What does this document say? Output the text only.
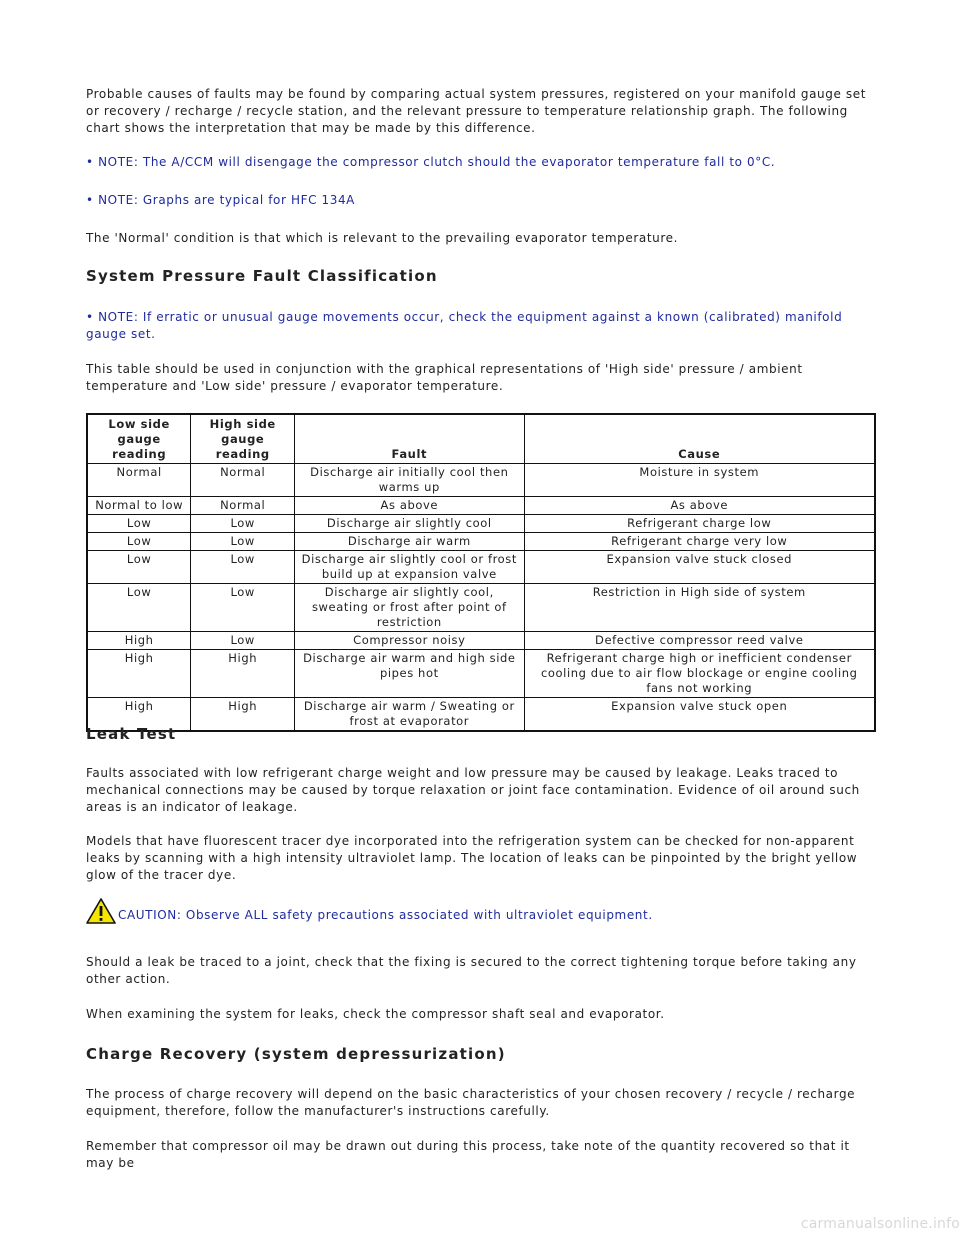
Probable causes of faults may be found by comparing actual system pressures, registered on your manifold gauge set or recovery / recharge / recycle station, and the relevant pressure to temperature relationship graph. The following chart shows the interpretation that may be made by this difference.

• NOTE: The A/CCM will disengage the compressor clutch should the evaporator temperature fall to 0°C.

• NOTE: Graphs are typical for HFC 134A

The 'Normal' condition is that which is relevant to the prevailing evaporator temperature.

System Pressure Fault Classification

• NOTE: If erratic or unusual gauge movements occur, check the equipment against a known (calibrated) manifold gauge set.

This table should be used in conjunction with the graphical representations of 'High side' pressure / ambient temperature and 'Low side' pressure / evaporator temperature.

Low side gauge reading	High side gauge reading	Fault	Cause
Normal	Normal	Discharge air initially cool then warms up	Moisture in system
Normal to low	Normal	As above	As above
Low	Low	Discharge air slightly cool	Refrigerant charge low
Low	Low	Discharge air warm	Refrigerant charge very low
Low	Low	Discharge air slightly cool or frost build up at expansion valve	Expansion valve stuck closed
Low	Low	Discharge air slightly cool, sweating or frost after point of restriction	Restriction in High side of system
High	Low	Compressor noisy	Defective compressor reed valve
High	High	Discharge air warm and high side pipes hot	Refrigerant charge high or inefficient condenser cooling due to air flow blockage or engine cooling fans not working
High	High	Discharge air warm / Sweating or frost at evaporator	Expansion valve stuck open
Leak Test

Faults associated with low refrigerant charge weight and low pressure may be caused by leakage. Leaks traced to mechanical connections may be caused by torque relaxation or joint face contamination. Evidence of oil around such areas is an indicator of leakage.

Models that have fluorescent tracer dye incorporated into the refrigeration system can be checked for non-apparent leaks by scanning with a high intensity ultraviolet lamp. The location of leaks can be pinpointed by the bright yellow glow of the tracer dye.

CAUTION: Observe ALL safety precautions associated with ultraviolet equipment.

Should a leak be traced to a joint, check that the fixing is secured to the correct tightening torque before taking any other action.

When examining the system for leaks, check the compressor shaft seal and evaporator.

Charge Recovery (system depressurization)

The process of charge recovery will depend on the basic characteristics of your chosen recovery / recycle / recharge equipment, therefore, follow the manufacturer's instructions carefully.

Remember that compressor oil may be drawn out during this process, take note of the quantity recovered so that it may be

carmanualsonline.info
